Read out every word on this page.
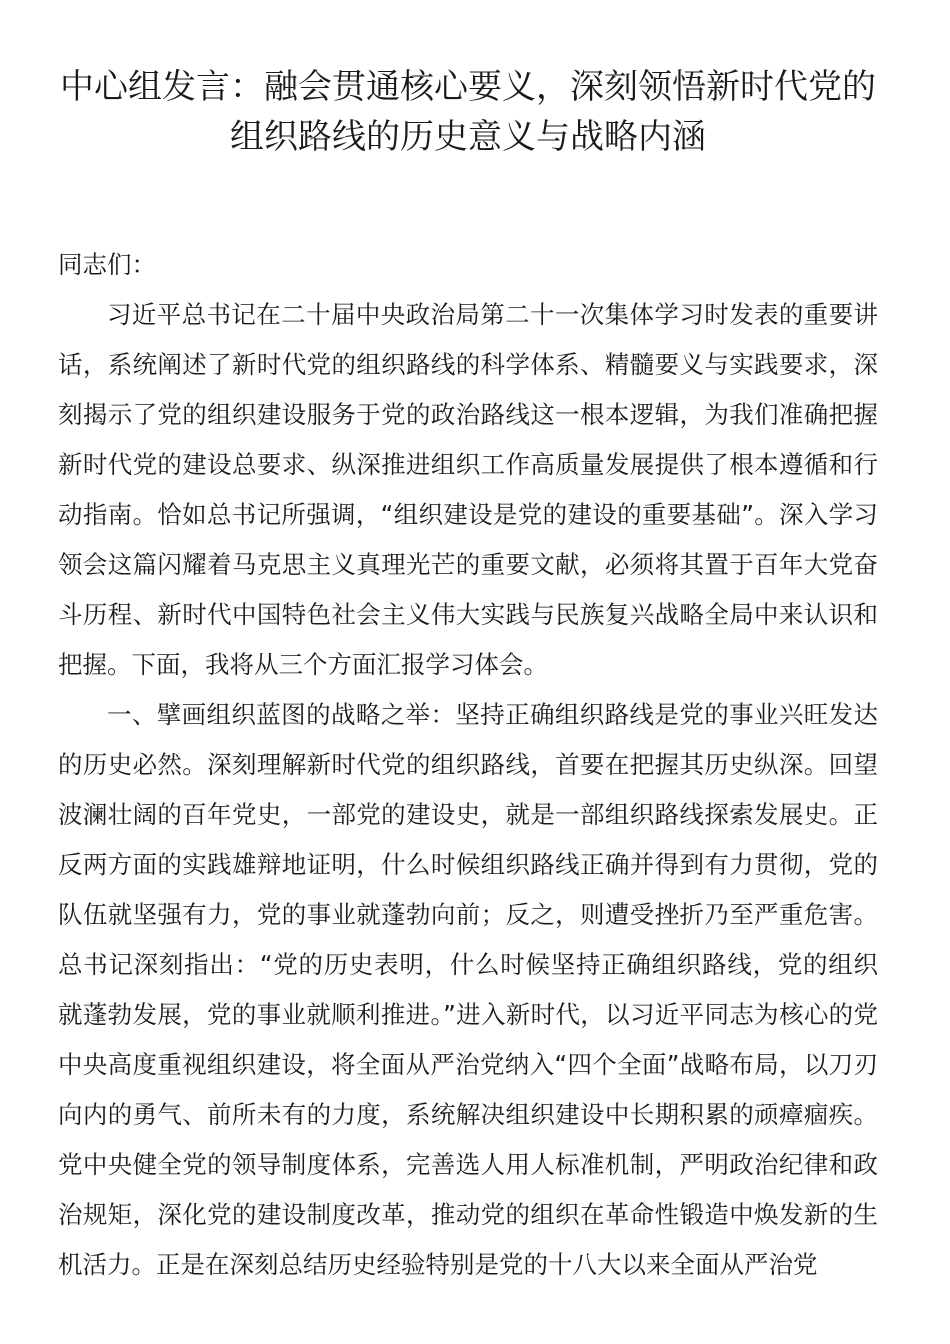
中心组发言：融会贯通核心要义，深刻领悟新时代党的组织路线的历史意义与战略内涵

同志们：

习近平总书记在二十届中央政治局第二十一次集体学习时发表的重要讲话，系统阐述了新时代党的组织路线的科学体系、精髓要义与实践要求，深刻揭示了党的组织建设服务于党的政治路线这一根本逻辑，为我们准确把握新时代党的建设总要求、纵深推进组织工作高质量发展提供了根本遵循和行动指南。恰如总书记所强调，“组织建设是党的建设的重要基础”。深入学习领会这篇闪耀着马克思主义真理光芒的重要文献，必须将其置于百年大党奋斗历程、新时代中国特色社会主义伟大实践与民族复兴战略全局中来认识和把握。下面，我将从三个方面汇报学习体会。

一、擘画组织蓝图的战略之举：坚持正确组织路线是党的事业兴旺发达的历史必然。深刻理解新时代党的组织路线，首要在把握其历史纵深。回望波澜壮阔的百年党史，一部党的建设史，就是一部组织路线探索发展史。正反两方面的实践雄辩地证明，什么时候组织路线正确并得到有力贯彻，党的队伍就坚强有力，党的事业就蓬勃向前；反之，则遭受挫折乃至严重危害。总书记深刻指出：“党的历史表明，什么时候坚持正确组织路线，党的组织就蓬勃发展，党的事业就顺利推进。”进入新时代，以习近平同志为核心的党中央高度重视组织建设，将全面从严治党纳入“四个全面”战略布局，以刀刃向内的勇气、前所未有的力度，系统解决组织建设中长期积累的顽瘴痼疾。党中央健全党的领导制度体系，完善选人用人标准机制，严明政治纪律和政治规矩，深化党的建设制度改革，推动党的组织在革命性锻造中焕发新的生机活力。正是在深刻总结历史经验特别是党的十八大以来全面从严治党
